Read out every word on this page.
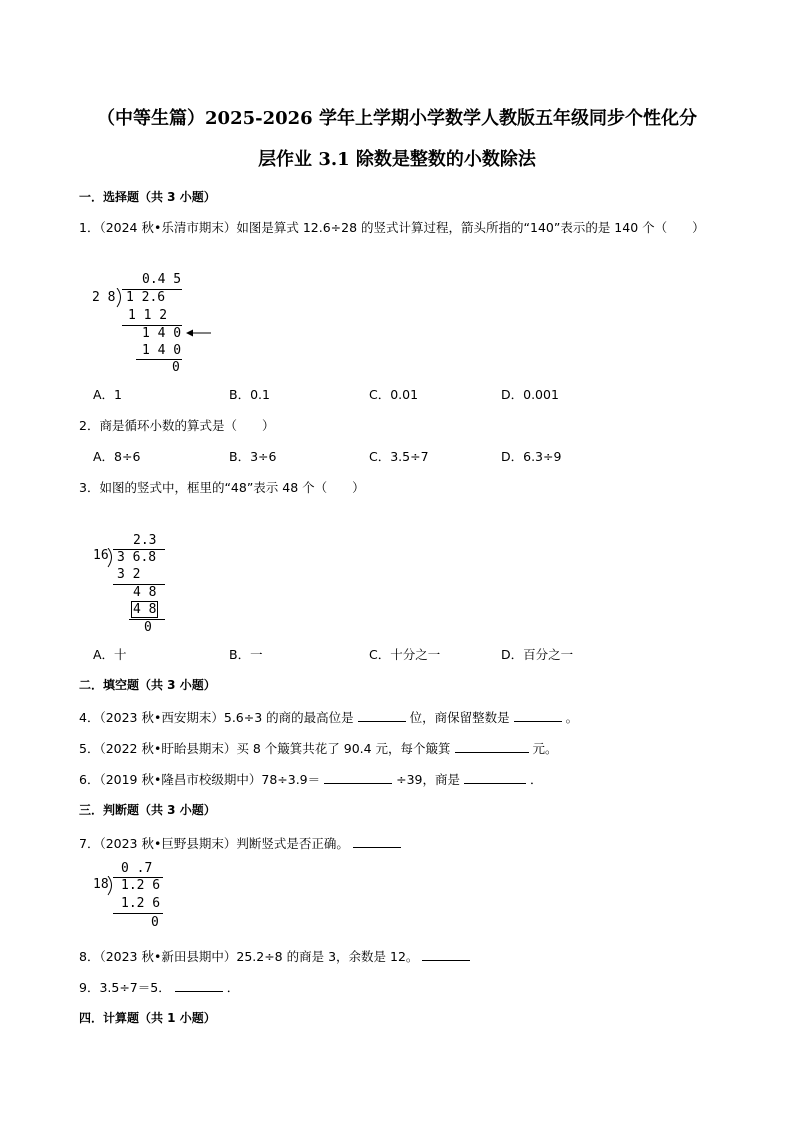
（中等生篇）2025-2026 学年上学期小学数学人教版五年级同步个性化分
层作业 3.1 除数是整数的小数除法
一．选择题（共 3 小题）
1．（2024 秋•乐清市期末）如图是算式 12.6÷28 的竖式计算过程，箭头所指的“140”表示的是 140 个（　　）
0.4 5
2 8 1 2.6
1 1 2
1 4 0
1 4 0
0
A．1	B．0.1	C．0.01	D．0.001
2．商是循环小数的算式是（　　）
A．8÷6	B．3÷6	C．3.5÷7	D．6.3÷9
3．如图的竖式中，框里的“48”表示 48 个（　　）
2.3
16 3 6.8
3 2
4 8
4 8
0
A．十	B．一	C．十分之一	D．百分之一
二．填空题（共 3 小题）
4．（2023 秋•西安期末）5.6÷3 的商的最高位是	位，商保留整数是	。
5．（2022 秋•盱眙县期末）买 8 个簸箕共花了 90.4 元，每个簸箕	元。
6．（2019 秋•隆昌市校级期中）78÷3.9＝	÷39，商是	．
三．判断题（共 3 小题）
7．（2023 秋•巨野县期末）判断竖式是否正确。
0 .7
18 1.2 6
1.2 6
0
8．（2023 秋•新田县期中）25.2÷8 的商是 3，余数是 12。
9．3.5÷7＝5．	．
四．计算题（共 1 小题）
